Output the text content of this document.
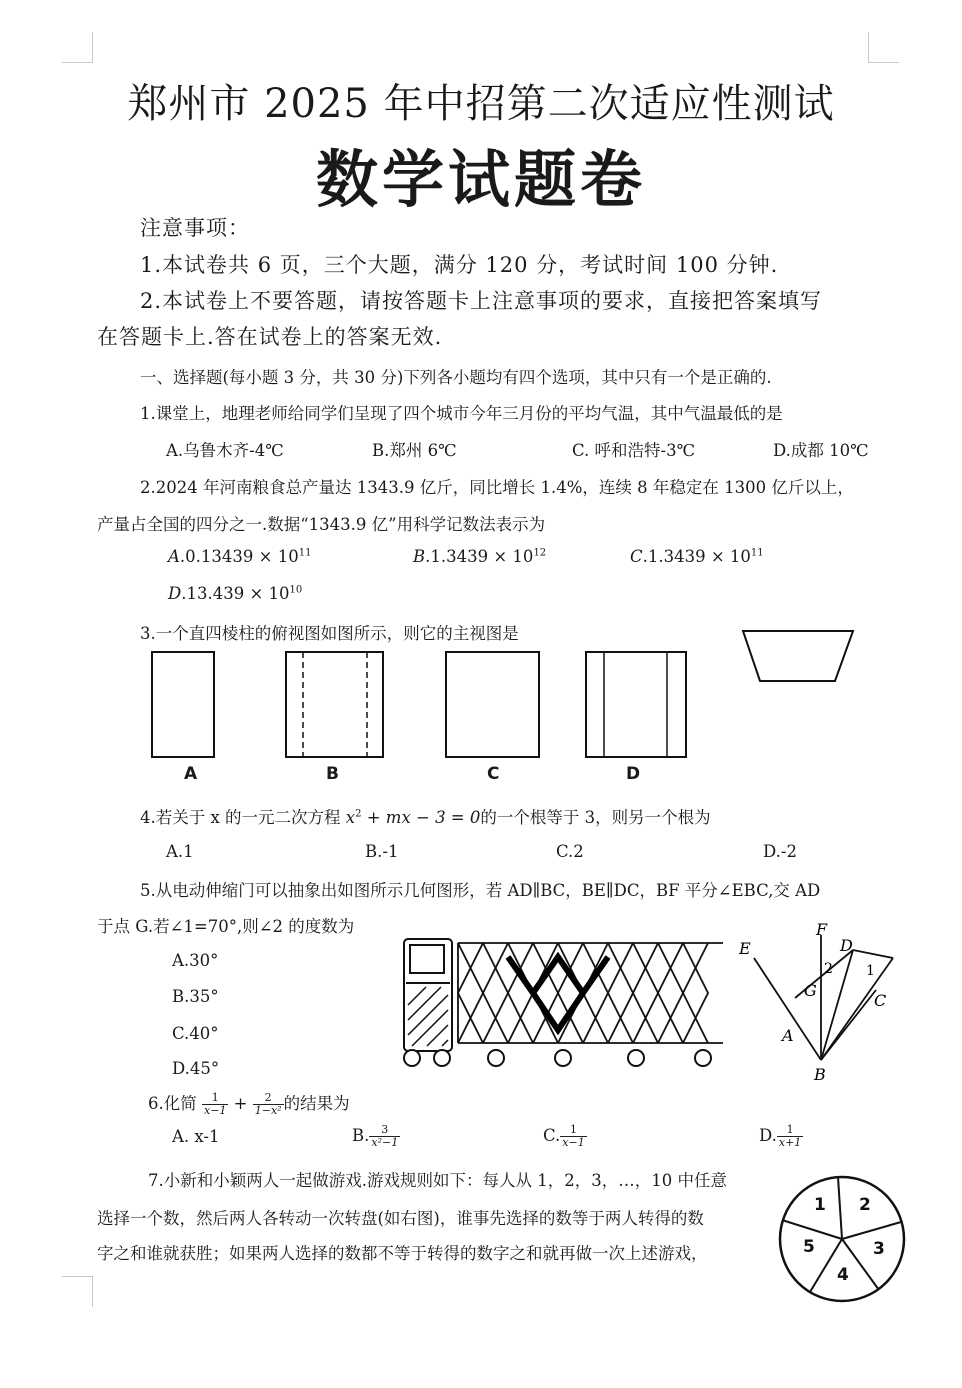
郑州市 2025 年中招第二次适应性测试
数学试题卷
注意事项：
1.本试卷共 6 页，三个大题，满分 120 分，考试时间 100 分钟.
2.本试卷上不要答题，请按答题卡上注意事项的要求，直接把答案填写
在答题卡上.答在试卷上的答案无效.
一、选择题(每小题 3 分，共 30 分)下列各小题均有四个选项，其中只有一个是正确的.
1.课堂上，地理老师给同学们呈现了四个城市今年三月份的平均气温，其中气温最低的是
A.乌鲁木齐-4℃	B.郑州 6℃	C. 呼和浩特-3℃	D.成都 10℃
2.2024 年河南粮食总产量达 1343.9 亿斤，同比增长 1.4%，连续 8 年稳定在 1300 亿斤以上，
产量占全国的四分之一.数据“1343.9 亿”用科学记数法表示为
$A.0.13439 \times 10^{11}$	$B.1.3439 \times 10^{12}$	$C.1.3439 \times 10^{11}$
$D.13.439 \times 10^{10}$
3.一个直四棱柱的俯视图如图所示，则它的主视图是
A	B	C	D
4.若关于 x 的一元二次方程 $x^2$ + mx − 3 = 0的一个根等于 3，则另一个根为
A.1	B.-1	C.2	D.-2
5.从电动伸缩门可以抽象出如图所示几何图形，若 AD∥BC，BE∥DC，BF 平分∠EBC,交 AD
于点 G.若∠1=70°,则∠2 的度数为
A.30°
B.35°
C.40°
D.45°
E
F
D
G
C
A
B
2 1
6.化简 $\frac{1}{x-1} + \frac{2}{\text{1−x²}}$ 的结果为
A. x-1	B. $\frac{3}{\text{x²−1}}$	C. $\frac{1}{x-1}$	D. $\frac{1}{x+1}$
7.小新和小颖两人一起做游戏.游戏规则如下：每人从 1，2，3，…，10 中任意
选择一个数，然后两人各转动一次转盘(如右图)，谁事先选择的数等于两人转得的数
字之和谁就获胜；如果两人选择的数都不等于转得的数字之和就再做一次上述游戏，
1 2
3
4
5
